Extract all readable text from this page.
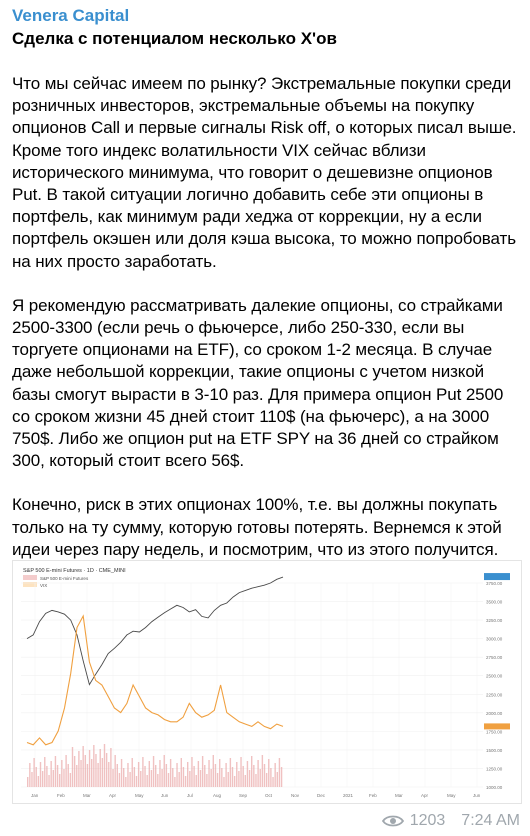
Venera Capital
Сделка с потенциалом несколько X'ов

Что мы сейчас имеем по рынку? Экстремальные покупки среди розничных инвесторов, экстремальные объемы на покупку опционов Call и первые сигналы Risk off, о которых писал выше. Кроме того индекс волатильности VIX сейчас вблизи исторического минимума, что говорит о дешевизне опционов Put. В такой ситуации логично добавить себе эти опционы в портфель, как минимум ради хеджа от коррекции, ну а если портфель окэшен или доля кэша высока, то можно попробовать на них просто заработать.

Я рекомендую рассматривать далекие опционы, со страйками 2500-3300 (если речь о фьючерсе, либо 250-330, если вы торгуете опционами на ETF), со сроком 1-2 месяца. В случае даже небольшой коррекции, такие опционы с учетом низкой базы смогут вырасти в 3-10 раз. Для примера опцион Put 2500 со сроком жизни 45 дней стоит 110$ (на фьючерс), а на 3000 750$. Либо же опцион put на ETF SPY на 36 дней со страйком 300, который стоит всего 56$.

Конечно, риск в этих опционах 100%, т.е. вы должны покупать только на ту сумму, которую готовы потерять. Вернемся к этой идеи через пару недель, и посмотрим, что из этого получится.

S&P 500 E-mini Futures · 1D · CME_MINI
S&P 500 E-mini Futures
VIX	3750.00
3500.00
3250.00
3000.00
2750.00
2500.00
2250.00
2000.00
1750.00
1500.00
1250.00
1000.00
Jan	Feb	Mar	Apr	May	Jun	Jul	Aug	Sep	Oct	Nov	Dec	2021	Feb	Mar	Apr	May	Jun
1203 7:24 AM
